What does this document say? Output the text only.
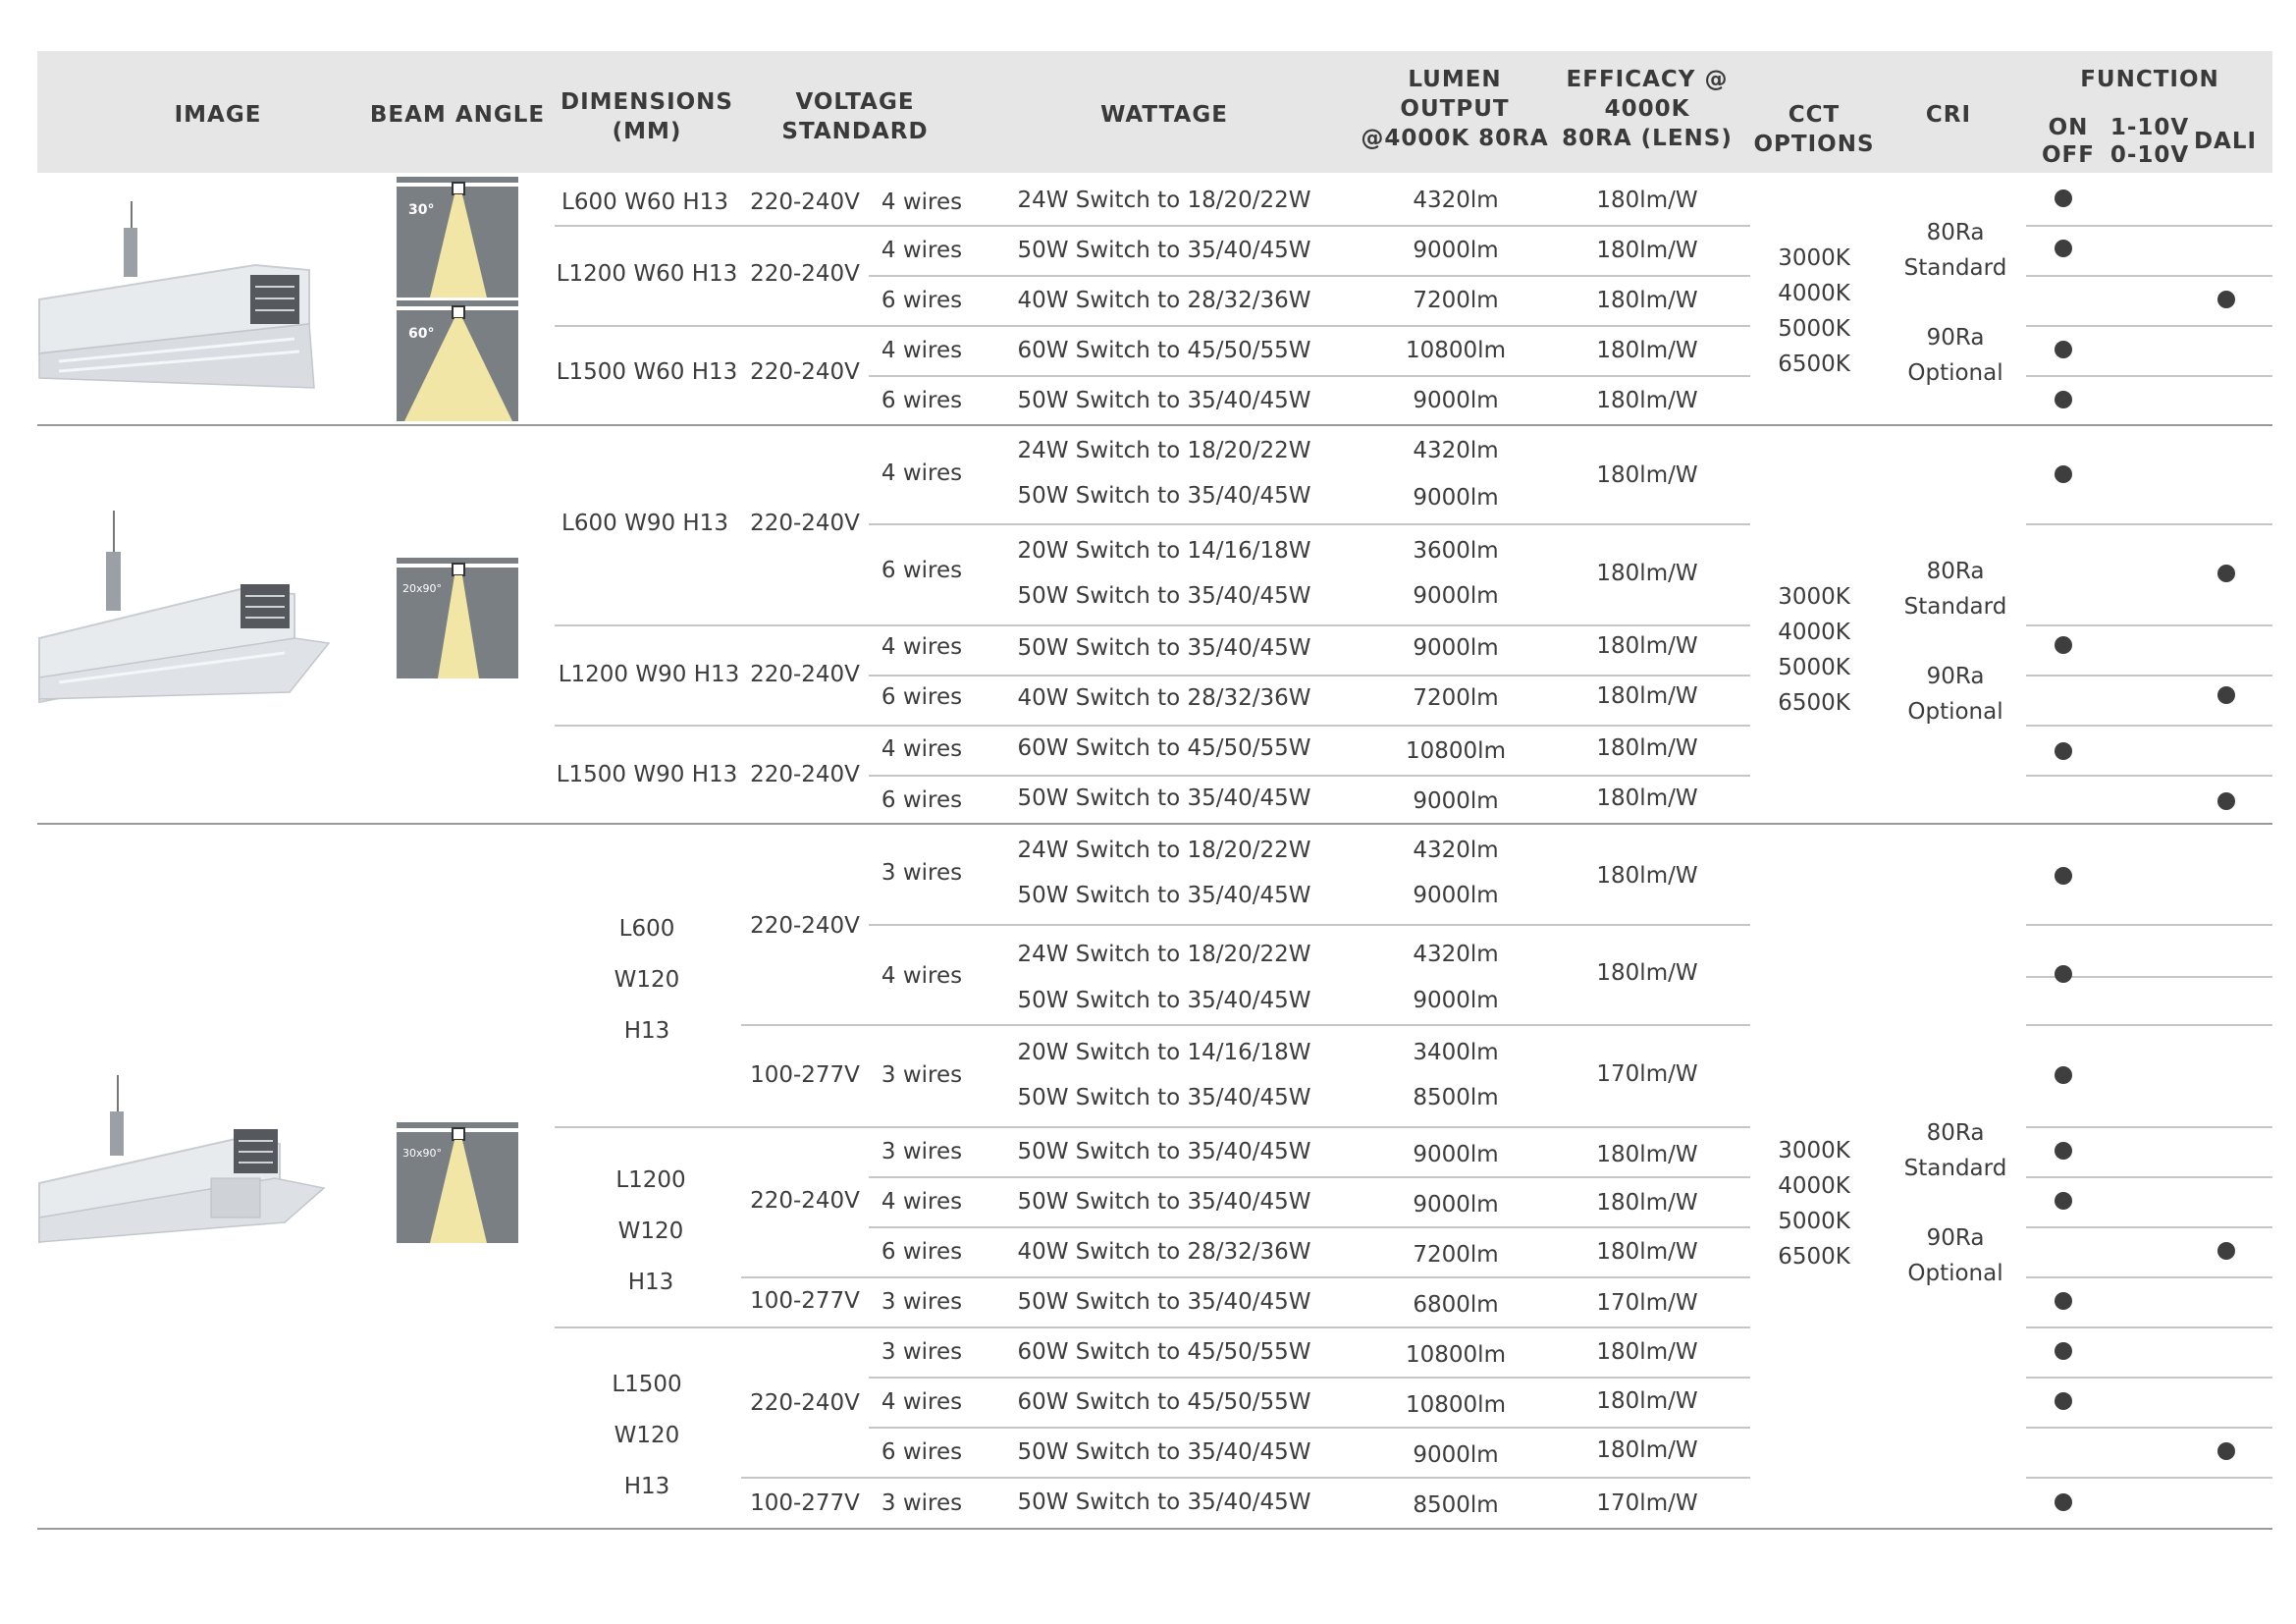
IMAGE	BEAM ANGLE DIMENSIONS
(MM)
VOLTAGE
STANDARD
WATTAGE
LUMEN
OUTPUT
@4000K 80RA
EFFICACY @
4000K
80RA (LENS)
CCT
OPTIONS
CRI
FUNCTION
ON
OFF
1-10V
0-10V
DALI
30°
60°
20x90°
30x90°
L600 W60 H13
L1200 W60 H13
L1500 W60 H13
L600 W90 H13
L1200 W90 H13
L1500 W90 H13
L600
W120
H13
L1200
W120
H13
L1500
W120
H13
220-240V
220-240V
220-240V
220-240V
220-240V
220-240V
220-240V
100-277V
220-240V
100-277V
220-240V
100-277V
4 wires
4 wires
6 wires
4 wires
6 wires
4 wires
6 wires
4 wires
6 wires
4 wires
6 wires
3 wires
4 wires
3 wires
3 wires
4 wires
6 wires
3 wires
3 wires
4 wires
6 wires
3 wires
24W Switch to 18/20/22W
50W Switch to 35/40/45W
40W Switch to 28/32/36W
60W Switch to 45/50/55W
50W Switch to 35/40/45W
24W Switch to 18/20/22W
50W Switch to 35/40/45W
20W Switch to 14/16/18W
50W Switch to 35/40/45W
50W Switch to 35/40/45W
40W Switch to 28/32/36W
60W Switch to 45/50/55W
50W Switch to 35/40/45W
24W Switch to 18/20/22W
50W Switch to 35/40/45W
24W Switch to 18/20/22W
50W Switch to 35/40/45W
20W Switch to 14/16/18W
50W Switch to 35/40/45W
50W Switch to 35/40/45W
50W Switch to 35/40/45W
40W Switch to 28/32/36W
50W Switch to 35/40/45W
60W Switch to 45/50/55W
60W Switch to 45/50/55W
50W Switch to 35/40/45W
50W Switch to 35/40/45W
4320lm
9000lm
7200lm
10800lm
9000lm
4320lm
9000lm
3600lm
9000lm
9000lm
7200lm
10800lm
9000lm
4320lm
9000lm
4320lm
9000lm
3400lm
8500lm
9000lm
9000lm
7200lm
6800lm
10800lm
10800lm
9000lm
8500lm
180lm/W
180lm/W
180lm/W
180lm/W
180lm/W
180lm/W
180lm/W
180lm/W
180lm/W
180lm/W
180lm/W
180lm/W
180lm/W
170lm/W
180lm/W
180lm/W
180lm/W
170lm/W
180lm/W
180lm/W
180lm/W
170lm/W
3000K
4000K
5000K
6500K
3000K
4000K
5000K
6500K
3000K
4000K
5000K
6500K
80Ra
Standard
90Ra
Optional
80Ra
Standard
90Ra
Optional
80Ra
Standard
90Ra
Optional
